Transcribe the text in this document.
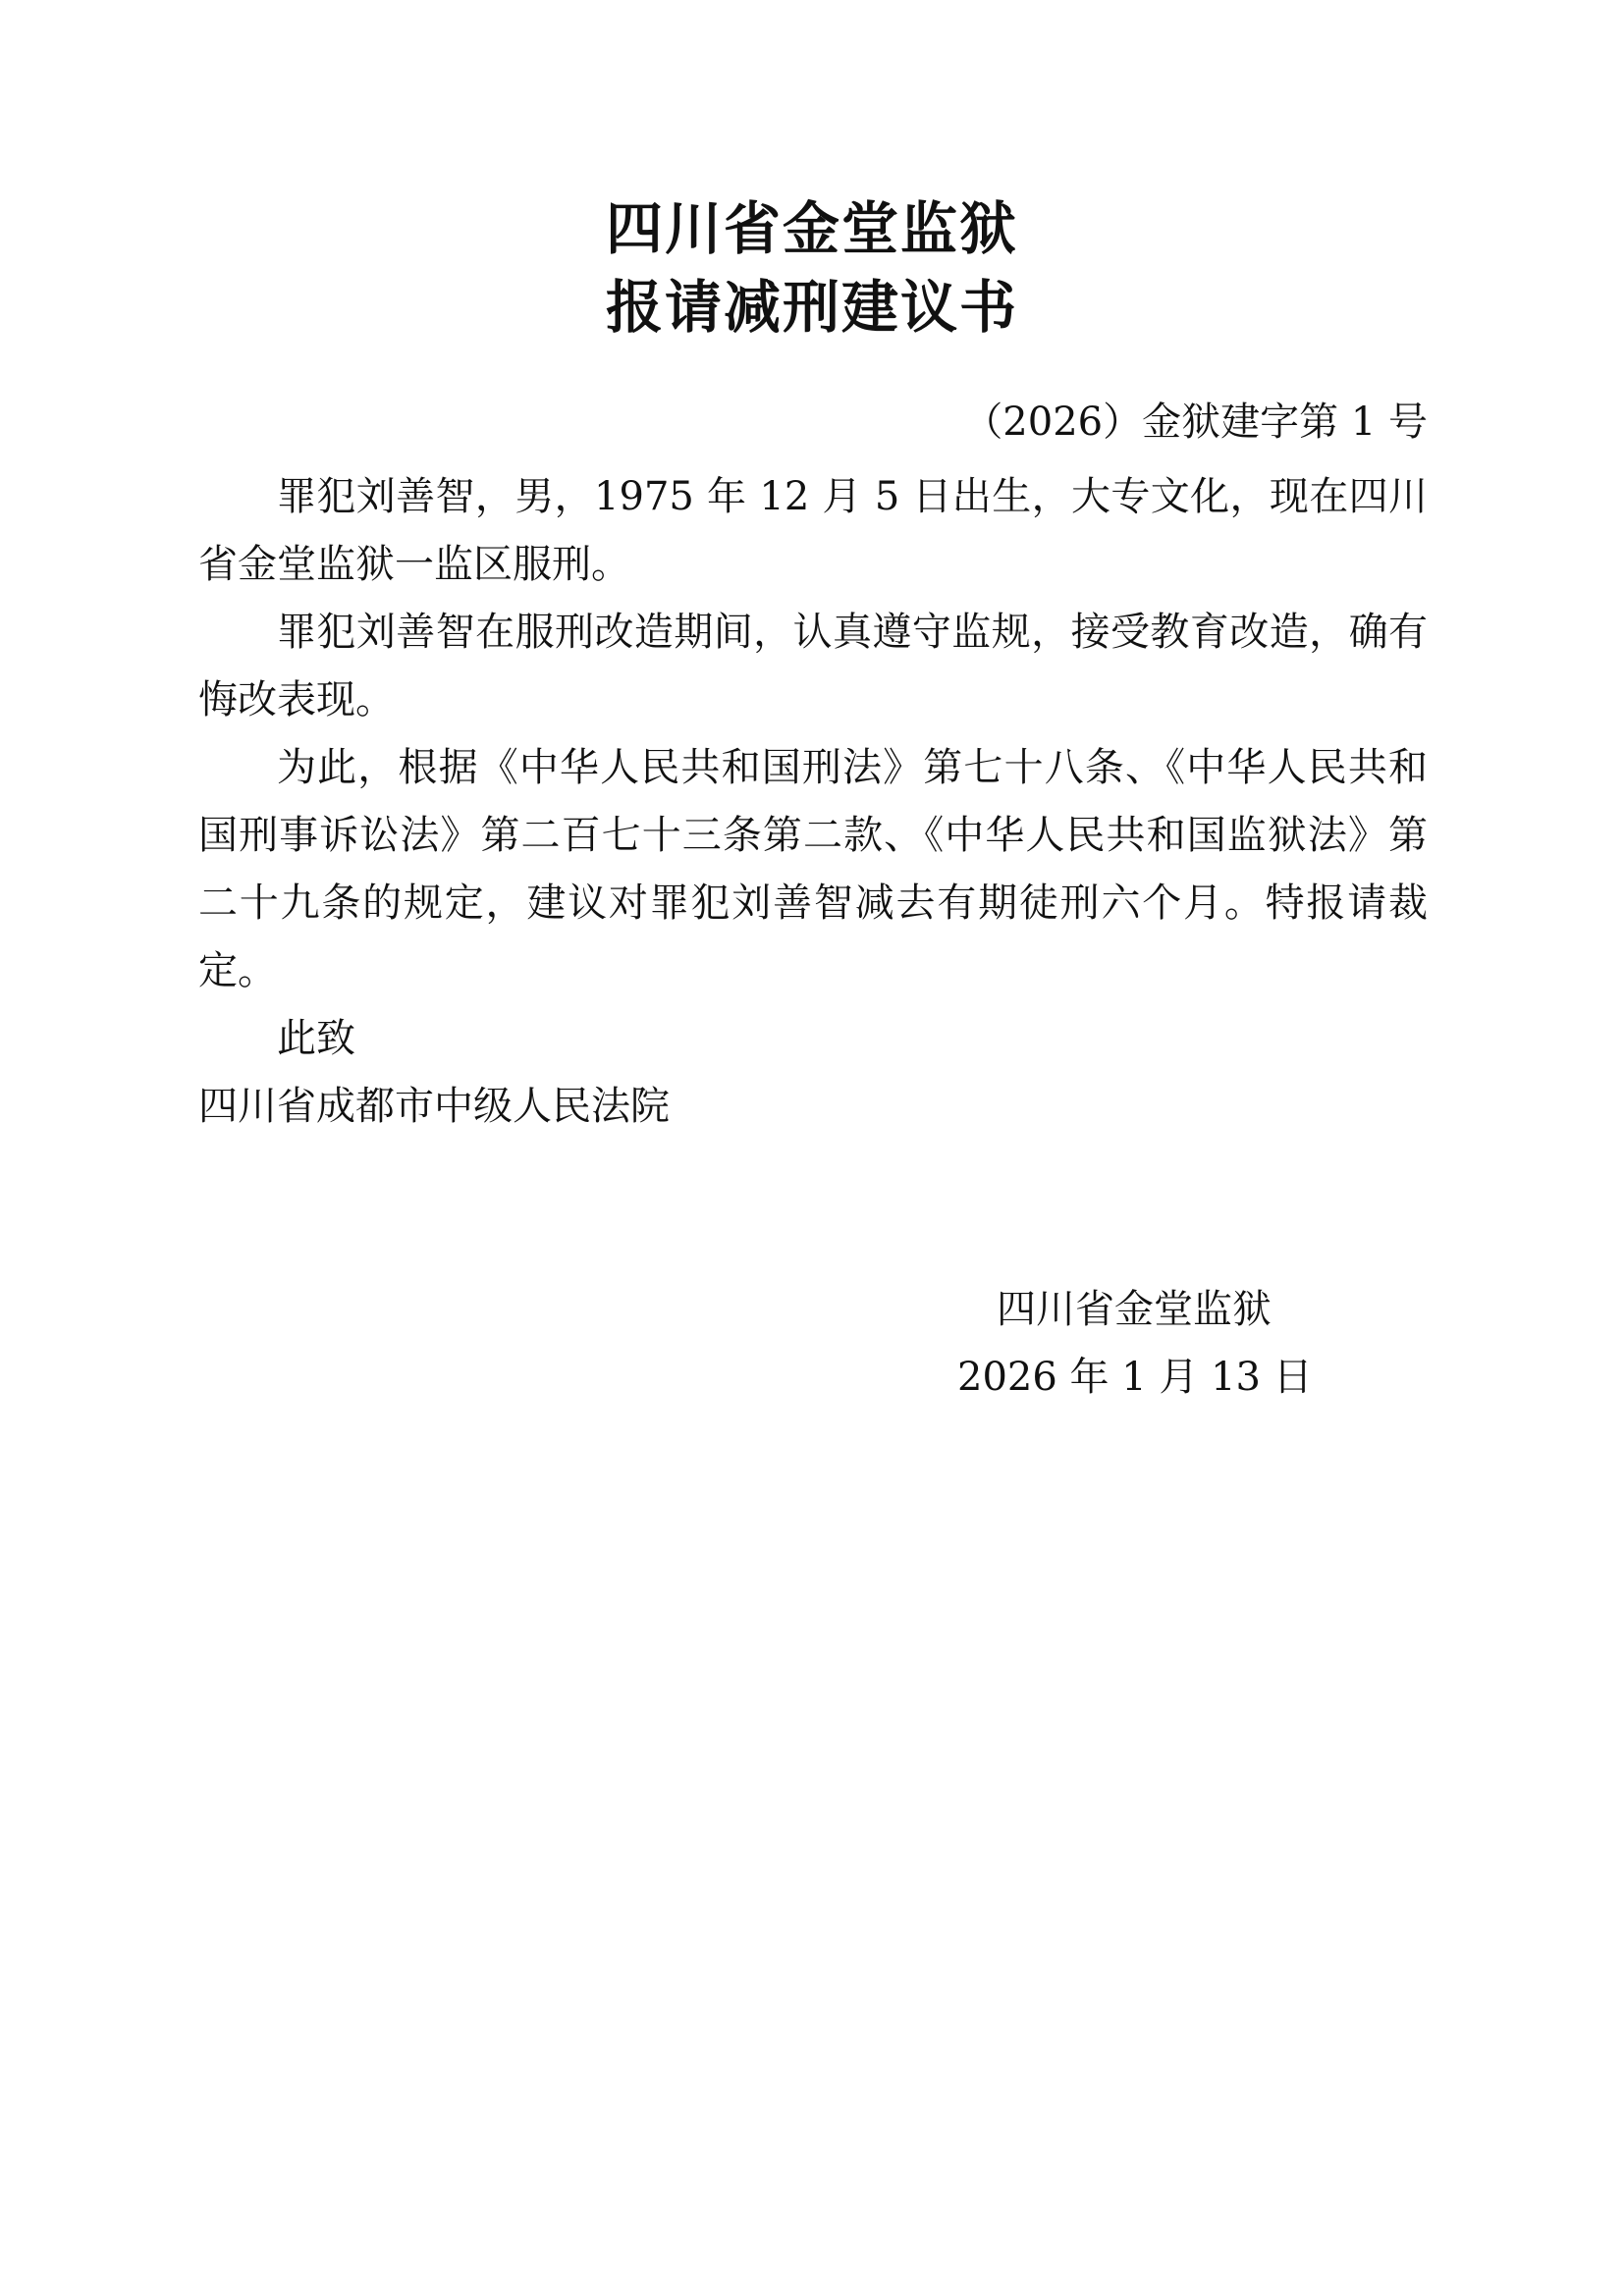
四川省金堂监狱
报请减刑建议书
（2026）金狱建字第 1 号

罪犯刘善智，男，1975 年 12 月 5 日出生，大专文化，现在四川省金堂监狱一监区服刑。

罪犯刘善智在服刑改造期间，认真遵守监规，接受教育改造，确有悔改表现。

为此，根据《中华人民共和国刑法》第七十八条、《中华人民共和国刑事诉讼法》第二百七十三条第二款、《中华人民共和国监狱法》第二十九条的规定，建议对罪犯刘善智减去有期徒刑六个月。特报请裁定。

此致

四川省成都市中级人民法院

四川省金堂监狱
2026 年 1 月 13 日
